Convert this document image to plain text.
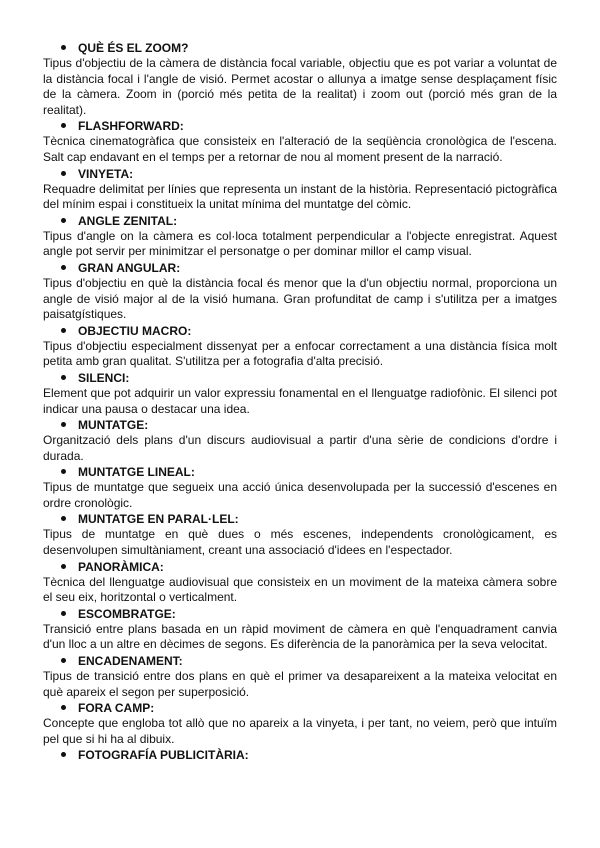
QUÈ ÉS EL ZOOM?

Tipus d'objectiu de la càmera de distància focal variable, objectiu que es pot variar a voluntat de la distància focal i l'angle de visió. Permet acostar o allunya a imatge sense desplaçament físic de la càmera. Zoom in (porció més petita de la realitat) i zoom out (porció més gran de la realitat).

FLASHFORWARD:

Tècnica cinematogràfica que consisteix en l'alteració de la seqüència cronològica de l'escena. Salt cap endavant en el temps per a retornar de nou al moment present de la narració.

VINYETA:

Requadre delimitat per línies que representa un instant de la història. Representació pictogràfica del mínim espai i constitueix la unitat mínima del muntatge del còmic.

ANGLE ZENITAL:

Tipus d'angle on la càmera es col·loca totalment perpendicular a l'objecte enregistrat. Aquest angle pot servir per minimitzar el personatge o per dominar millor el camp visual.

GRAN ANGULAR:

Tipus d'objectiu en què la distància focal és menor que la d'un objectiu normal, proporciona un angle de visió major al de la visió humana. Gran profunditat de camp i s'utilitza per a imatges paisatgístiques.

OBJECTIU MACRO:

Tipus d'objectiu especialment dissenyat per a enfocar correctament a una distància física molt petita amb gran qualitat. S'utilitza per a fotografia d'alta precisió.

SILENCI:

Element que pot adquirir un valor expressiu fonamental en el llenguatge radiofònic. El silenci pot indicar una pausa o destacar una idea.

MUNTATGE:

Organització dels plans d'un discurs audiovisual a partir d'una sèrie de condicions d'ordre i durada.

MUNTATGE LINEAL:

Tipus de muntatge que segueix una acció única desenvolupada per la successió d'escenes en ordre cronològic.

MUNTATGE EN PARAL·LEL:

Tipus de muntatge en què dues o més escenes, independents cronològicament, es desenvolupen simultàniament, creant una associació d'idees en l'espectador.

PANORÀMICA:

Tècnica del llenguatge audiovisual que consisteix en un moviment de la mateixa càmera sobre el seu eix, horitzontal o verticalment.

ESCOMBRATGE:

Transició entre plans basada en un ràpid moviment de càmera en què l'enquadrament canvia d'un lloc a un altre en dècimes de segons. Es diferència de la panoràmica per la seva velocitat.

ENCADENAMENT:

Tipus de transició entre dos plans en què el primer va desapareixent a la mateixa velocitat en què apareix el segon per superposició.

FORA CAMP:

Concepte que engloba tot allò que no apareix a la vinyeta, i per tant, no veiem, però que intuïm pel que si hi ha al dibuix.

FOTOGRAFÍA PUBLICITÀRIA:
